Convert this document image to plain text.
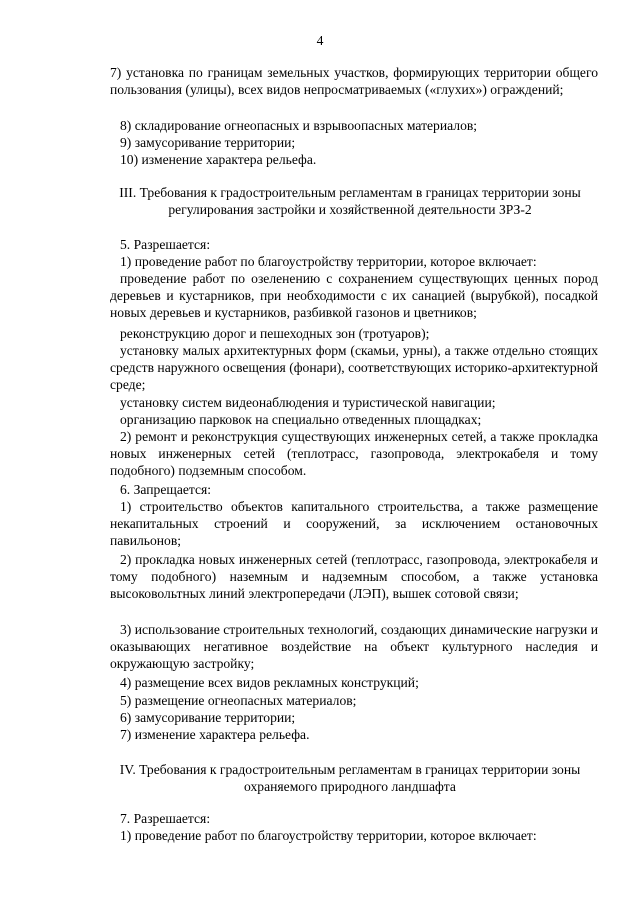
4
7) установка по границам земельных участков, формирующих территории общего пользования (улицы), всех видов непросматриваемых («глухих») ограждений;
8) складирование огнеопасных и взрывоопасных материалов;
9) замусоривание территории;
10) изменение характера рельефа.
III. Требования к градостроительным регламентам в границах территории зоны регулирования застройки и хозяйственной деятельности ЗРЗ-2
5. Разрешается:
1) проведение работ по благоустройству территории, которое включает:
проведение работ по озеленению с сохранением существующих ценных пород деревьев и кустарников, при необходимости с их санацией (вырубкой), посадкой новых деревьев и кустарников, разбивкой газонов и цветников;
реконструкцию дорог и пешеходных зон (тротуаров);
установку малых архитектурных форм (скамьи, урны), а также отдельно стоящих средств наружного освещения (фонари), соответствующих историко-архитектурной среде;
установку систем видеонаблюдения и туристической навигации;
организацию парковок на специально отведенных площадках;
2) ремонт и реконструкция существующих инженерных сетей, а также прокладка новых инженерных сетей (теплотрасс, газопровода, электрокабеля и тому подобного) подземным способом.
6. Запрещается:
1) строительство объектов капитального строительства, а также размещение некапитальных строений и сооружений, за исключением остановочных павильонов;
2) прокладка новых инженерных сетей (теплотрасс, газопровода, электрокабеля и тому подобного) наземным и надземным способом, а также установка высоковольтных линий электропередачи (ЛЭП), вышек сотовой связи;
3) использование строительных технологий, создающих динамические нагрузки и оказывающих негативное воздействие на объект культурного наследия и окружающую застройку;
4) размещение всех видов рекламных конструкций;
5) размещение огнеопасных материалов;
6) замусоривание территории;
7) изменение характера рельефа.
IV. Требования к градостроительным регламентам в границах территории зоны охраняемого природного ландшафта
7. Разрешается:
1) проведение работ по благоустройству территории, которое включает:
